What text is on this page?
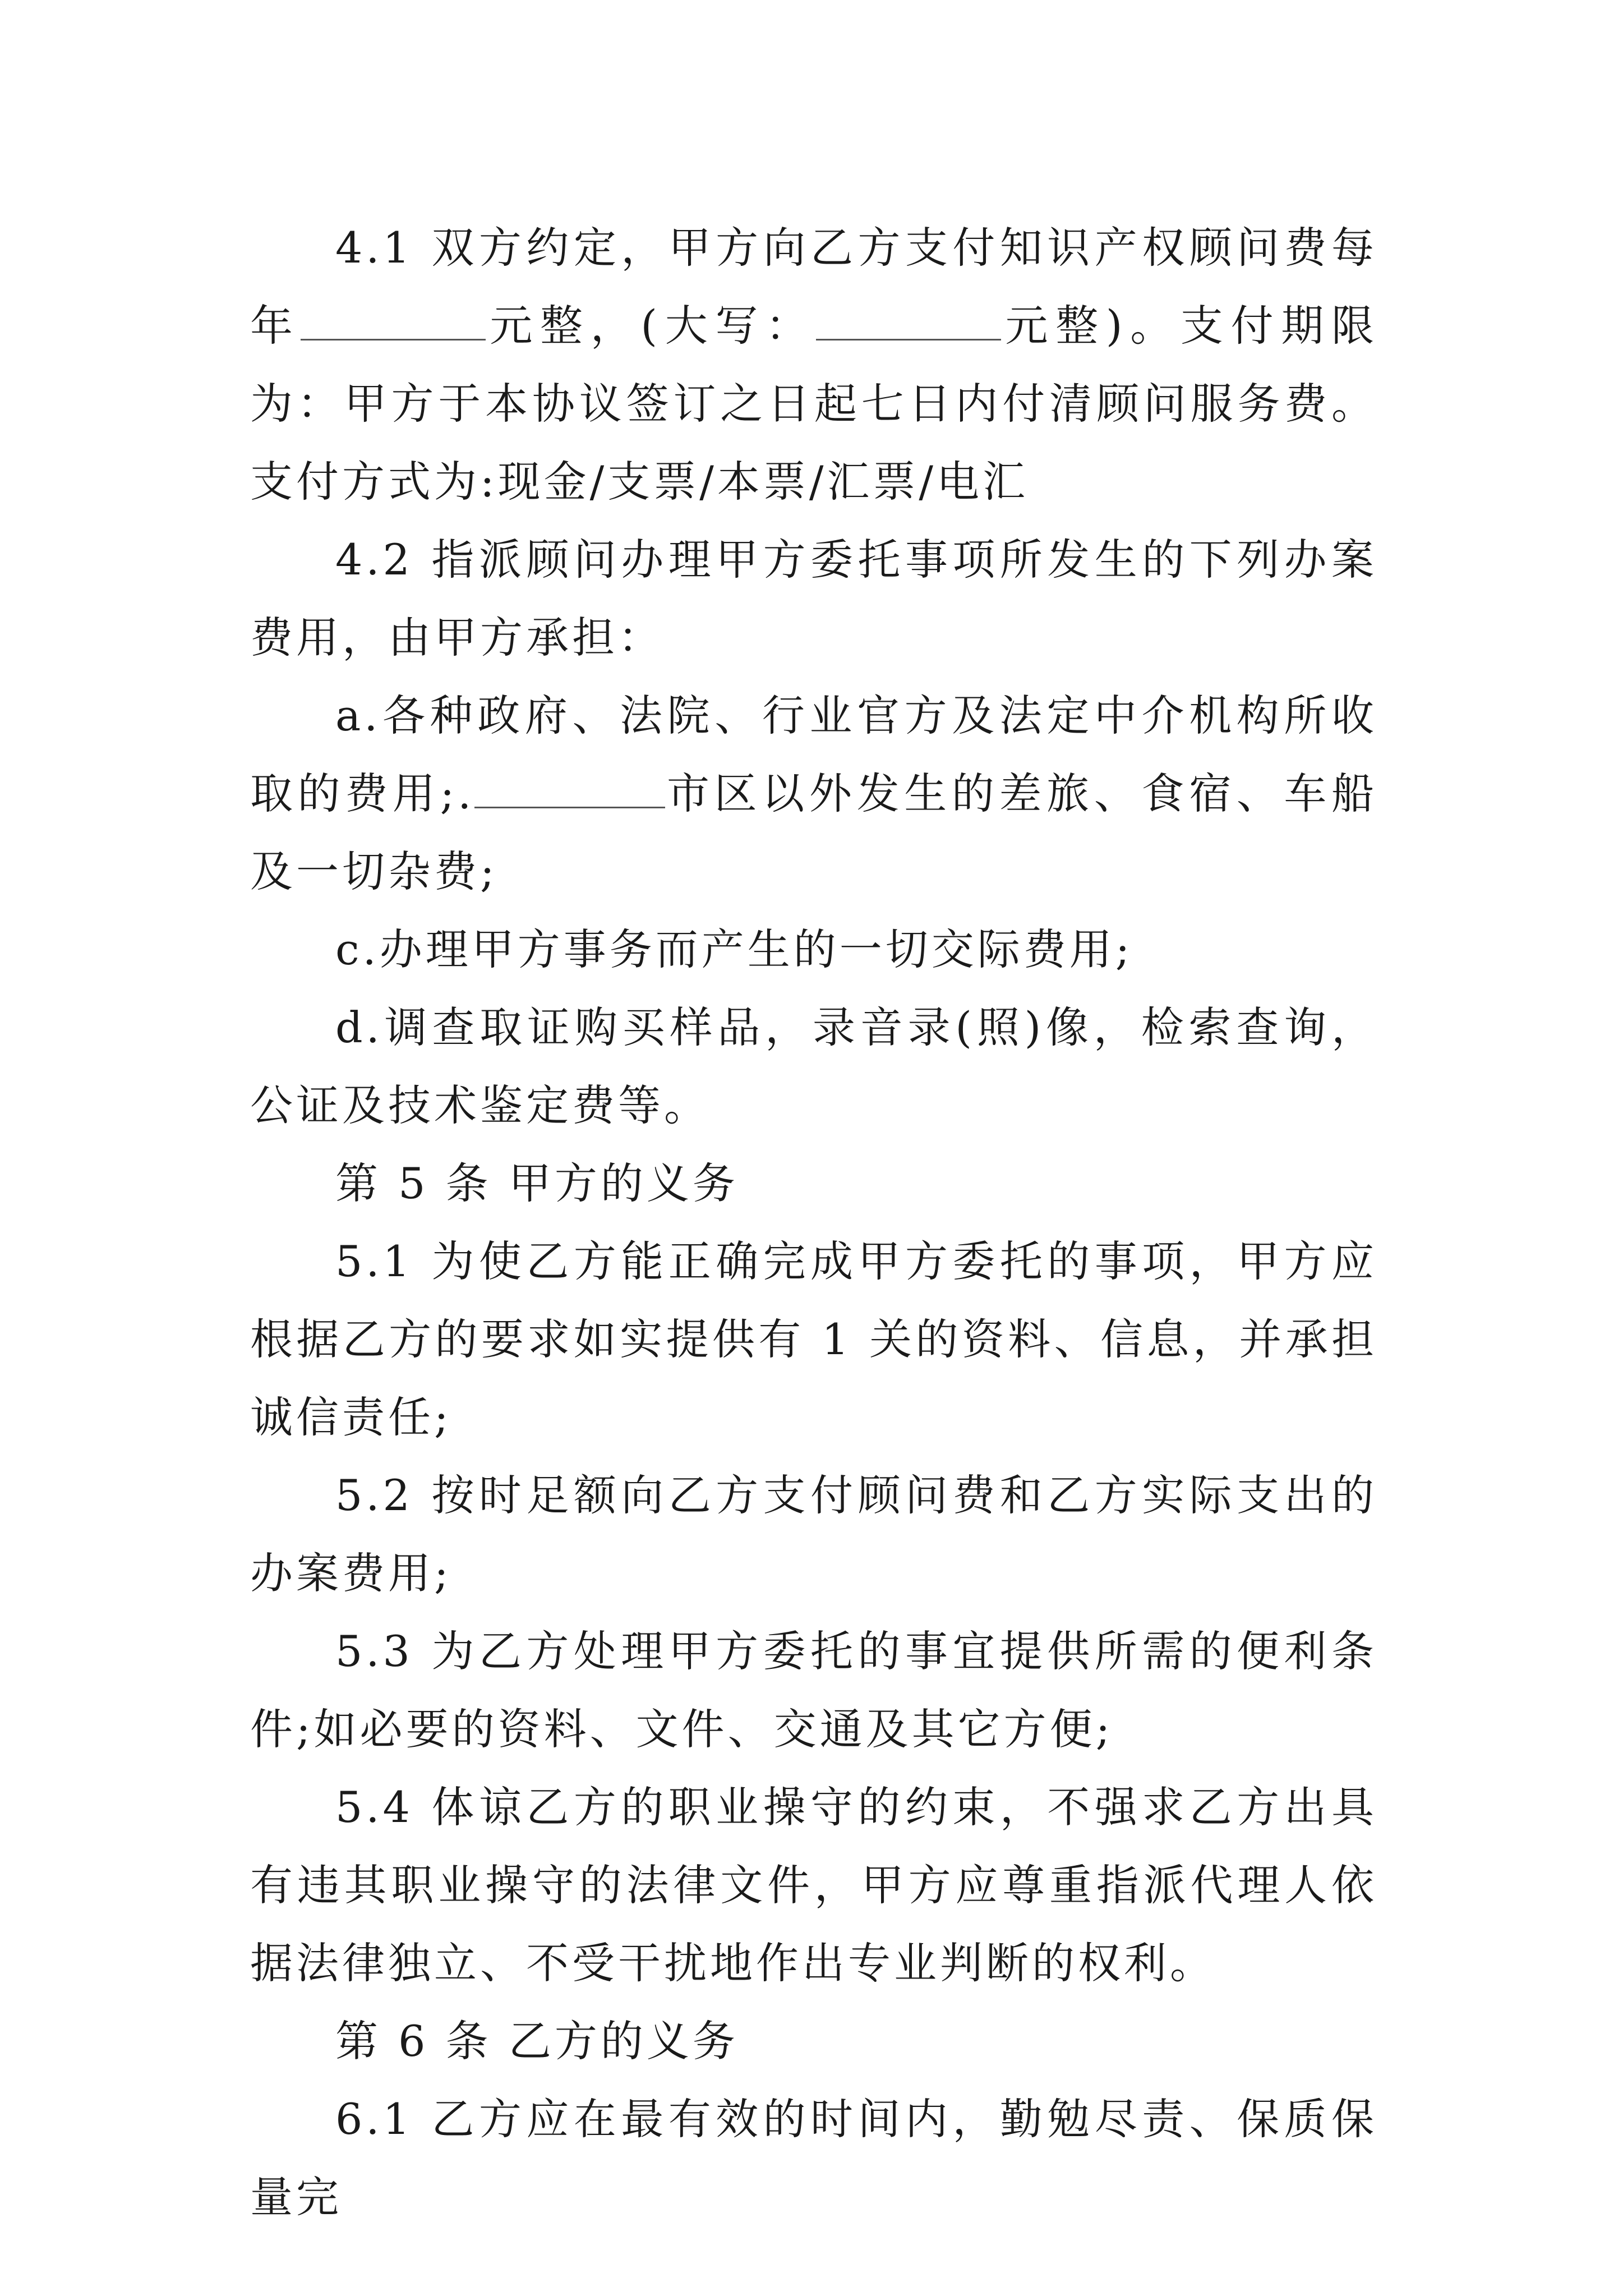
4.1 双方约定，甲方向乙方支付知识产权顾问费每年	元整，(大写：	元整)。支付期限为：甲方于本协议签订之日起七日内付清顾问服务费。支付方式为:现金/支票/本票/汇票/电汇

4.2 指派顾问办理甲方委托事项所发生的下列办案费用，由甲方承担：

a.各种政府、法院、行业官方及法定中介机构所收取的费用;.	市区以外发生的差旅、食宿、车船及一切杂费;

c.办理甲方事务而产生的一切交际费用;

d.调查取证购买样品，录音录(照)像，检索查询，公证及技术鉴定费等。

第 5 条 甲方的义务

5.1 为使乙方能正确完成甲方委托的事项，甲方应根据乙方的要求如实提供有 1 关的资料、信息，并承担诚信责任;

5.2 按时足额向乙方支付顾问费和乙方实际支出的办案费用;

5.3 为乙方处理甲方委托的事宜提供所需的便利条件;如必要的资料、文件、交通及其它方便;

5.4 体谅乙方的职业操守的约束，不强求乙方出具有违其职业操守的法律文件，甲方应尊重指派代理人依据法律独立、不受干扰地作出专业判断的权利。

第 6 条 乙方的义务

6.1 乙方应在最有效的时间内，勤勉尽责、保质保量完
